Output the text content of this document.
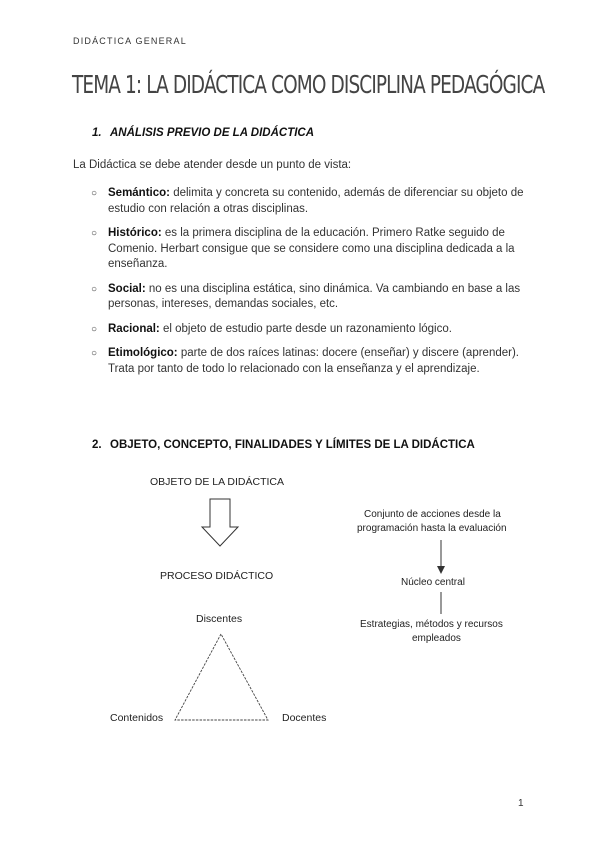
DIDÁCTICA GENERAL
TEMA 1: LA DIDÁCTICA COMO DISCIPLINA PEDAGÓGICA
1. ANÁLISIS PREVIO DE LA DIDÁCTICA
La Didáctica se debe atender desde un punto de vista:
○ Semántico: delimita y concreta su contenido, además de diferenciar su objeto de estudio con relación a otras disciplinas.
○ Histórico: es la primera disciplina de la educación. Primero Ratke seguido de Comenio. Herbart consigue que se considere como una disciplina dedicada a la enseñanza.
○ Social: no es una disciplina estática, sino dinámica. Va cambiando en base a las personas, intereses, demandas sociales, etc.
○ Racional: el objeto de estudio parte desde un razonamiento lógico.
○ Etimológico: parte de dos raíces latinas: docere (enseñar) y discere (aprender). Trata por tanto de todo lo relacionado con la enseñanza y el aprendizaje.
2. OBJETO, CONCEPTO, FINALIDADES Y LÍMITES DE LA DIDÁCTICA
OBJETO DE LA DIDÁCTICA
PROCESO DIDÁCTICO
Discentes
Contenidos	Docentes
Conjunto de acciones desde la
programación hasta la evaluación
Núcleo central
Estrategias, métodos y recursos
empleados
1
